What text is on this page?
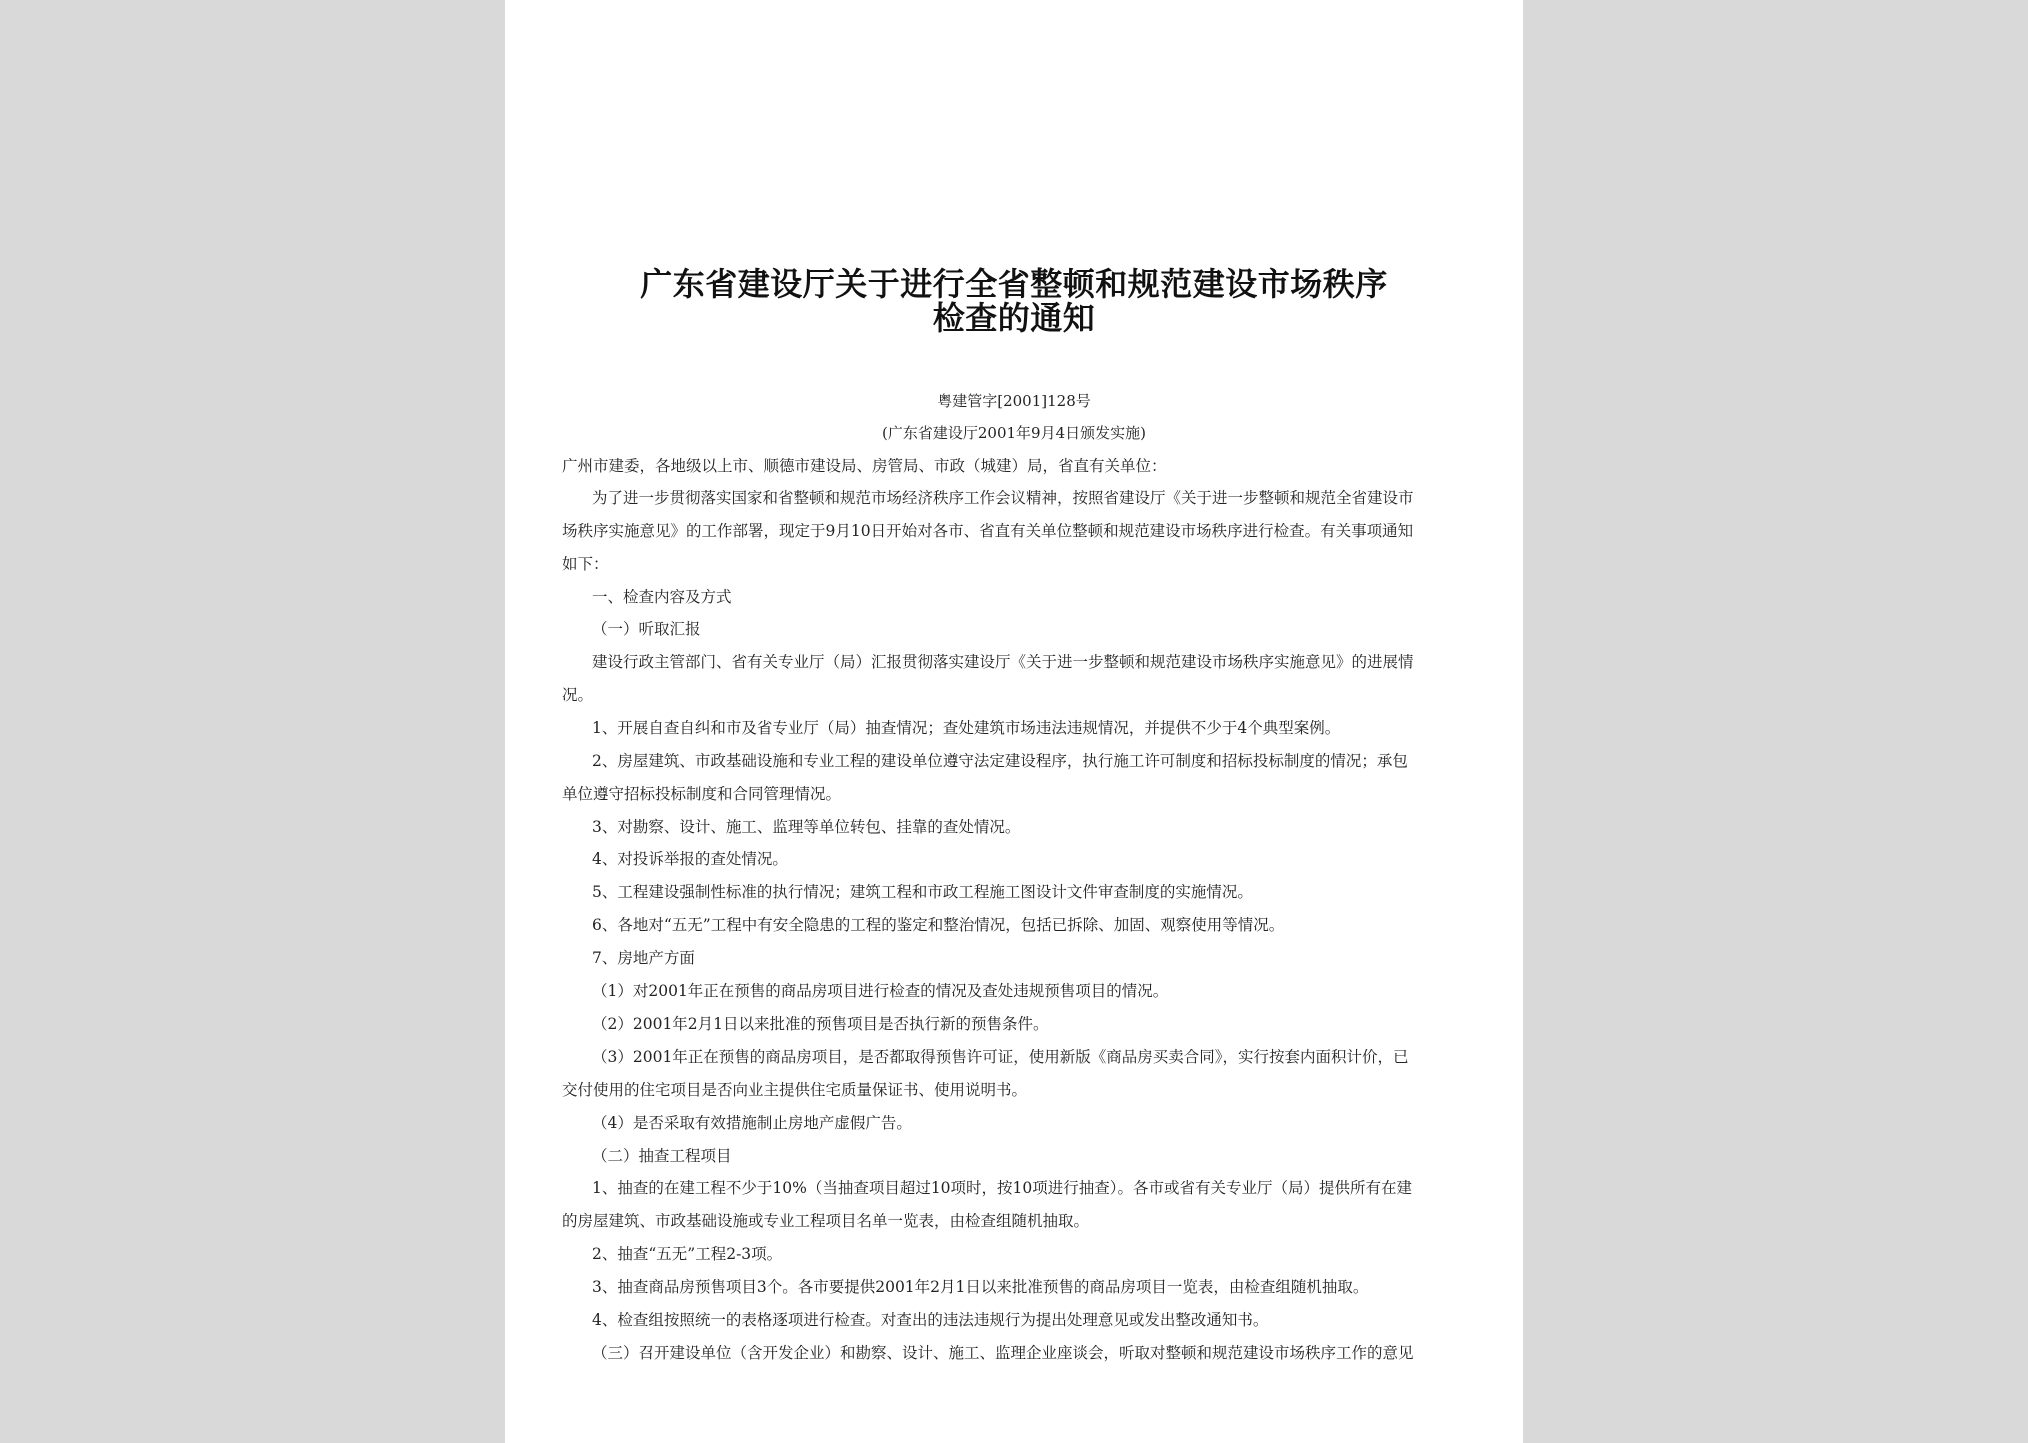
广东省建设厅关于进行全省整顿和规范建设市场秩序
检查的通知
粤建管字[2001]128号
(广东省建设厅2001年9月4日颁发实施)
广州市建委，各地级以上市、顺德市建设局、房管局、市政（城建）局，省直有关单位：
为了进一步贯彻落实国家和省整顿和规范市场经济秩序工作会议精神，按照省建设厅《关于进一步整顿和规范全省建设市
场秩序实施意见》的工作部署，现定于9月10日开始对各市、省直有关单位整顿和规范建设市场秩序进行检查。有关事项通知
如下：
一、检查内容及方式
（一）听取汇报
建设行政主管部门、省有关专业厅（局）汇报贯彻落实建设厅《关于进一步整顿和规范建设市场秩序实施意见》的进展情
况。
1、开展自查自纠和市及省专业厅（局）抽查情况；查处建筑市场违法违规情况，并提供不少于4个典型案例。
2、房屋建筑、市政基础设施和专业工程的建设单位遵守法定建设程序，执行施工许可制度和招标投标制度的情况；承包
单位遵守招标投标制度和合同管理情况。
3、对勘察、设计、施工、监理等单位转包、挂靠的查处情况。
4、对投诉举报的查处情况。
5、工程建设强制性标准的执行情况；建筑工程和市政工程施工图设计文件审查制度的实施情况。
6、各地对“五无”工程中有安全隐患的工程的鉴定和整治情况，包括已拆除、加固、观察使用等情况。
7、房地产方面
（1）对2001年正在预售的商品房项目进行检查的情况及查处违规预售项目的情况。
（2）2001年2月1日以来批准的预售项目是否执行新的预售条件。
（3）2001年正在预售的商品房项目，是否都取得预售许可证，使用新版《商品房买卖合同》，实行按套内面积计价，已
交付使用的住宅项目是否向业主提供住宅质量保证书、使用说明书。
（4）是否采取有效措施制止房地产虚假广告。
（二）抽查工程项目
1、抽查的在建工程不少于10%（当抽查项目超过10项时，按10项进行抽查）。各市或省有关专业厅（局）提供所有在建
的房屋建筑、市政基础设施或专业工程项目名单一览表，由检查组随机抽取。
2、抽查“五无”工程2-3项。
3、抽查商品房预售项目3个。各市要提供2001年2月1日以来批准预售的商品房项目一览表，由检查组随机抽取。
4、检查组按照统一的表格逐项进行检查。对查出的违法违规行为提出处理意见或发出整改通知书。
（三）召开建设单位（含开发企业）和勘察、设计、施工、监理企业座谈会，听取对整顿和规范建设市场秩序工作的意见
